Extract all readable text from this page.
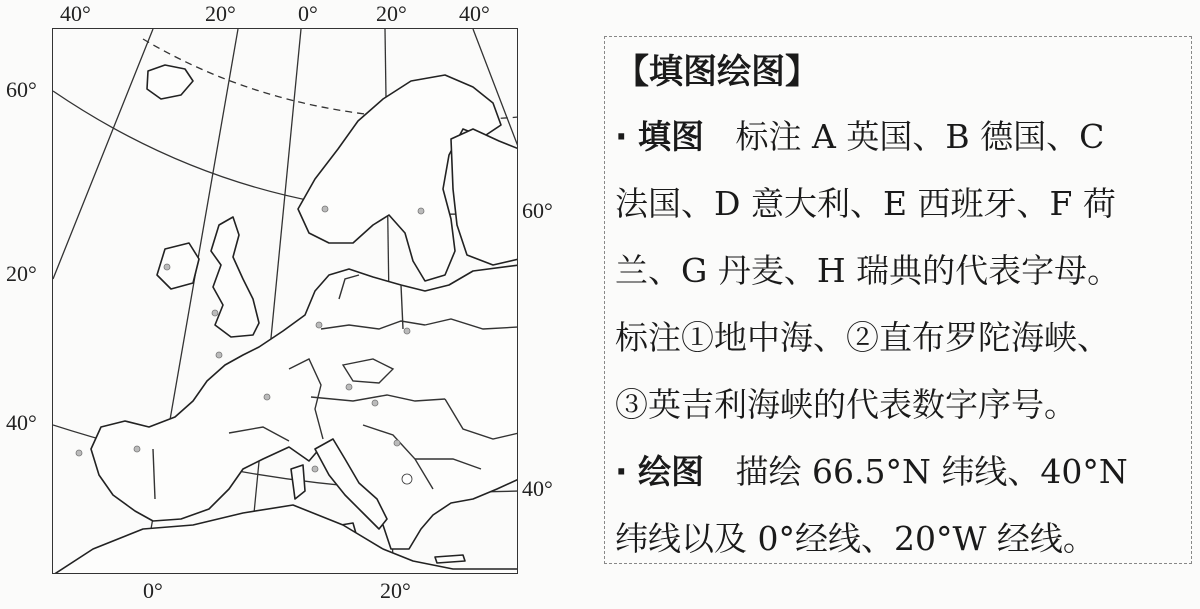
40°	20°	0°	20° 40°
0°	20°
60°
20°
40°
60°
40°

【填图绘图】

· 填图 标注 A 英国、B 德国、C
法国、D 意大利、E 西班牙、F 荷
兰、G 丹麦、H 瑞典的代表字母。
标注①地中海、②直布罗陀海峡、
③英吉利海峡的代表数字序号。

· 绘图 描绘 66.5°N 纬线、40°N
纬线以及 0°经线、20°W 经线。
